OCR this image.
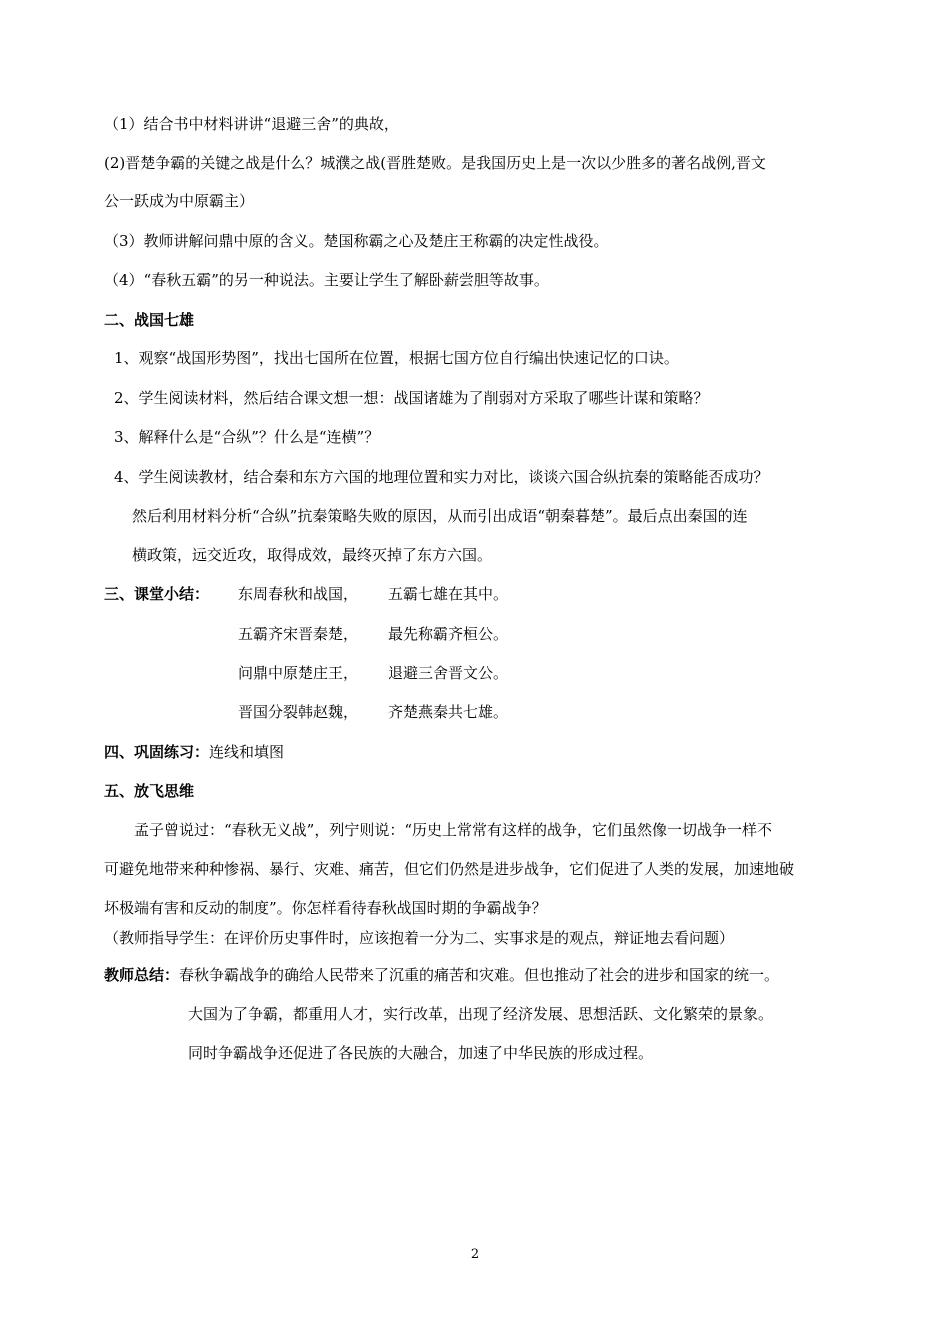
（1）结合书中材料讲讲“退避三舍”的典故，
(2)晋楚争霸的关键之战是什么？城濮之战(晋胜楚败。是我国历史上是一次以少胜多的著名战例,晋文
公一跃成为中原霸主）
（3）教师讲解问鼎中原的含义。楚国称霸之心及楚庄王称霸的决定性战役。
（4）“春秋五霸”的另一种说法。主要让学生了解卧薪尝胆等故事。
二、战国七雄
1、观察“战国形势图”，找出七国所在位置，根据七国方位自行编出快速记忆的口诀。
2、学生阅读材料，然后结合课文想一想：战国诸雄为了削弱对方采取了哪些计谋和策略？
3、解释什么是“合纵”？什么是“连横”？
4、学生阅读教材，结合秦和东方六国的地理位置和实力对比，谈谈六国合纵抗秦的策略能否成功？
然后利用材料分析“合纵”抗秦策略失败的原因，从而引出成语“朝秦暮楚”。最后点出秦国的连
横政策，远交近攻，取得成效，最终灭掉了东方六国。
三、课堂小结： 东周春秋和战国， 五霸七雄在其中。
五霸齐宋晋秦楚， 最先称霸齐桓公。
问鼎中原楚庄王， 退避三舍晋文公。
晋国分裂韩赵魏， 齐楚燕秦共七雄。
四、巩固练习：连线和填图
五、放飞思维
孟子曾说过：“春秋无义战”，列宁则说：“历史上常常有这样的战争，它们虽然像一切战争一样不
可避免地带来种种惨祸、暴行、灾难、痛苦，但它们仍然是进步战争，它们促进了人类的发展，加速地破
坏极端有害和反动的制度”。你怎样看待春秋战国时期的争霸战争？
（教师指导学生：在评价历史事件时，应该抱着一分为二、实事求是的观点，辩证地去看问题）
教师总结：春秋争霸战争的确给人民带来了沉重的痛苦和灾难。但也推动了社会的进步和国家的统一。
大国为了争霸，都重用人才，实行改革，出现了经济发展、思想活跃、文化繁荣的景象。
同时争霸战争还促进了各民族的大融合，加速了中华民族的形成过程。
2
